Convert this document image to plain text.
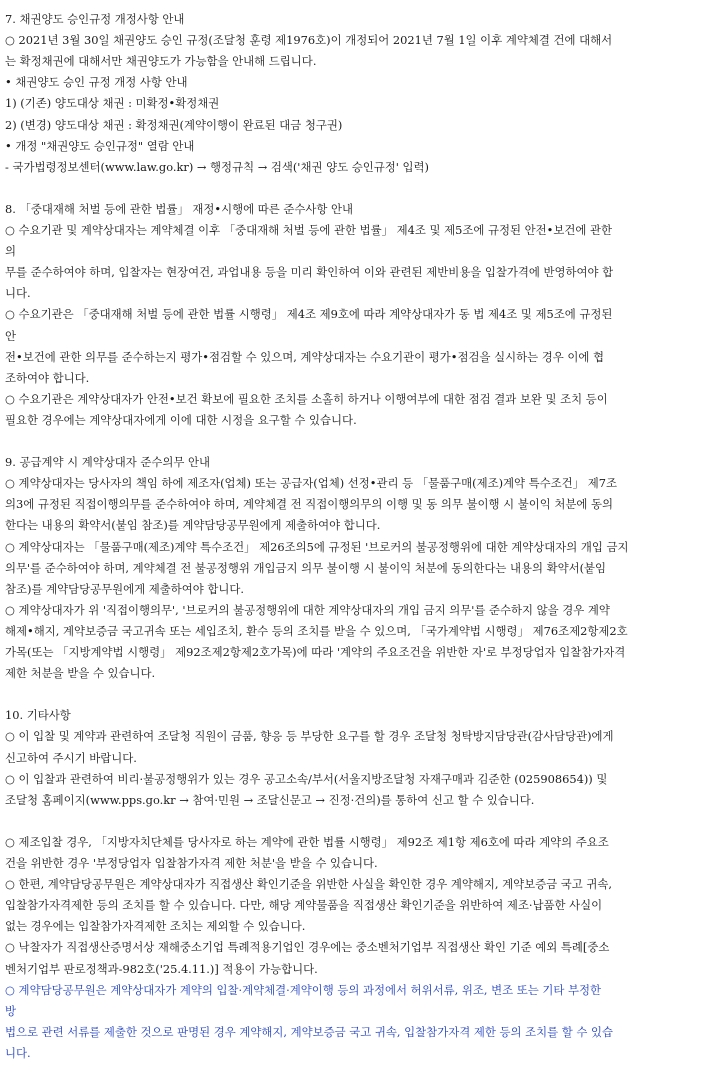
7. 채권양도 승인규정 개정사항 안내
○ 2021년 3월 30일 채권양도 승인 규정(조달청 훈령 제1976호)이 개정되어 2021년 7월 1일 이후 계약체결 건에 대해서
는 확정채권에 대해서만 채권양도가 가능함을 안내해 드립니다.
• 채권양도 승인 규정 개정 사항 안내
1) (기존) 양도대상 채권 : 미확정•확정채권
2) (변경) 양도대상 채권 : 확정채권(계약이행이 완료된 대금 청구권)
• 개정 "채권양도 승인규정" 열람 안내
- 국가법령정보센터(www.law.go.kr) → 행정규칙 → 검색('채권 양도 승인규정' 입력)
8. 「중대재해 처벌 등에 관한 법률」 재정•시행에 따른 준수사항 안내
○ 수요기관 및 계약상대자는 계약체결 이후 「중대재해 처벌 등에 관한 법률」 제4조 및 제5조에 규정된 안전•보건에 관한
의
무를 준수하여야 하며, 입찰자는 현장여건, 과업내용 등을 미리 확인하여 이와 관련된 제반비용을 입찰가격에 반영하여야 합
니다.
○ 수요기관은 「중대재해 처벌 등에 관한 법률 시행령」 제4조 제9호에 따라 계약상대자가 동 법 제4조 및 제5조에 규정된
안
전•보건에 관한 의무를 준수하는지 평가•점검할 수 있으며, 계약상대자는 수요기관이 평가•점검을 실시하는 경우 이에 협
조하여야 합니다.
○ 수요기관은 계약상대자가 안전•보건 확보에 필요한 조치를 소홀히 하거나 이행여부에 대한 점검 결과 보완 및 조치 등이
필요한 경우에는 계약상대자에게 이에 대한 시정을 요구할 수 있습니다.
9. 공급계약 시 계약상대자 준수의무 안내
○ 계약상대자는 당사자의 책임 하에 제조자(업체) 또는 공급자(업체) 선정•관리 등 「물품구매(제조)계약 특수조건」 제7조
의3에 규정된 직접이행의무를 준수하여야 하며, 계약체결 전 직접이행의무의 이행 및 동 의무 불이행 시 불이익 처분에 동의
한다는 내용의 확약서(붙임 참조)를 계약담당공무원에게 제출하여야 합니다.
○ 계약상대자는 「물품구매(제조)계약 특수조건」 제26조의5에 규정된 '브로커의 불공정행위에 대한 계약상대자의 개입 금지
의무'를 준수하여야 하며, 계약체결 전 불공정행위 개입금지 의무 불이행 시 불이익 처분에 동의한다는 내용의 확약서(붙임
참조)를 계약담당공무원에게 제출하여야 합니다.
○ 계약상대자가 위 '직접이행의무', '브로커의 불공정행위에 대한 계약상대자의 개입 금지 의무'를 준수하지 않을 경우 계약
해제•해지, 계약보증금 국고귀속 또는 세입조치, 환수 등의 조치를 받을 수 있으며, 「국가계약법 시행령」 제76조제2항제2호
가목(또는 「지방계약법 시행령」 제92조제2항제2호가목)에 따라 '계약의 주요조건을 위반한 자'로 부정당업자 입찰참가자격
제한 처분을 받을 수 있습니다.
10. 기타사항
○ 이 입찰 및 계약과 관련하여 조달청 직원이 금품, 향응 등 부당한 요구를 할 경우 조달청 청탁방지담당관(감사담당관)에게
신고하여 주시기 바랍니다.
○ 이 입찰과 관련하여 비리·불공정행위가 있는 경우 공고소속/부서(서울지방조달청 자재구매과 김준한 (025908654)) 및
조달청 홈페이지(www.pps.go.kr → 참여·민원 → 조달신문고 → 진정·건의)를 통하여 신고 할 수 있습니다.
○ 제조입찰 경우, 「지방자치단체를 당사자로 하는 계약에 관한 법률 시행령」 제92조 제1항 제6호에 따라 계약의 주요조
건을 위반한 경우 '부정당업자 입찰참가자격 제한 처분'을 받을 수 있습니다.
○ 한편, 계약담당공무원은 계약상대자가 직접생산 확인기준을 위반한 사실을 확인한 경우 계약해지, 계약보증금 국고 귀속,
입찰참가자격제한 등의 조치를 할 수 있습니다. 다만, 해당 계약물품을 직접생산 확인기준을 위반하여 제조·납품한 사실이
없는 경우에는 입찰참가자격제한 조치는 제외할 수 있습니다.
○ 낙찰자가 직접생산증명서상 재해중소기업 특례적용기업인 경우에는 중소벤처기업부 직접생산 확인 기준 예외 특례[중소
벤처기업부 판로정책과-982호('25.4.11.)] 적용이 가능합니다.
○ 계약담당공무원은 계약상대자가 계약의 입찰·계약체결·계약이행 등의 과정에서 허위서류, 위조, 변조 또는 기타 부정한
방
법으로 관련 서류를 제출한 것으로 판명된 경우 계약해지, 계약보증금 국고 귀속, 입찰참가자격 제한 등의 조치를 할 수 있습
니다.
